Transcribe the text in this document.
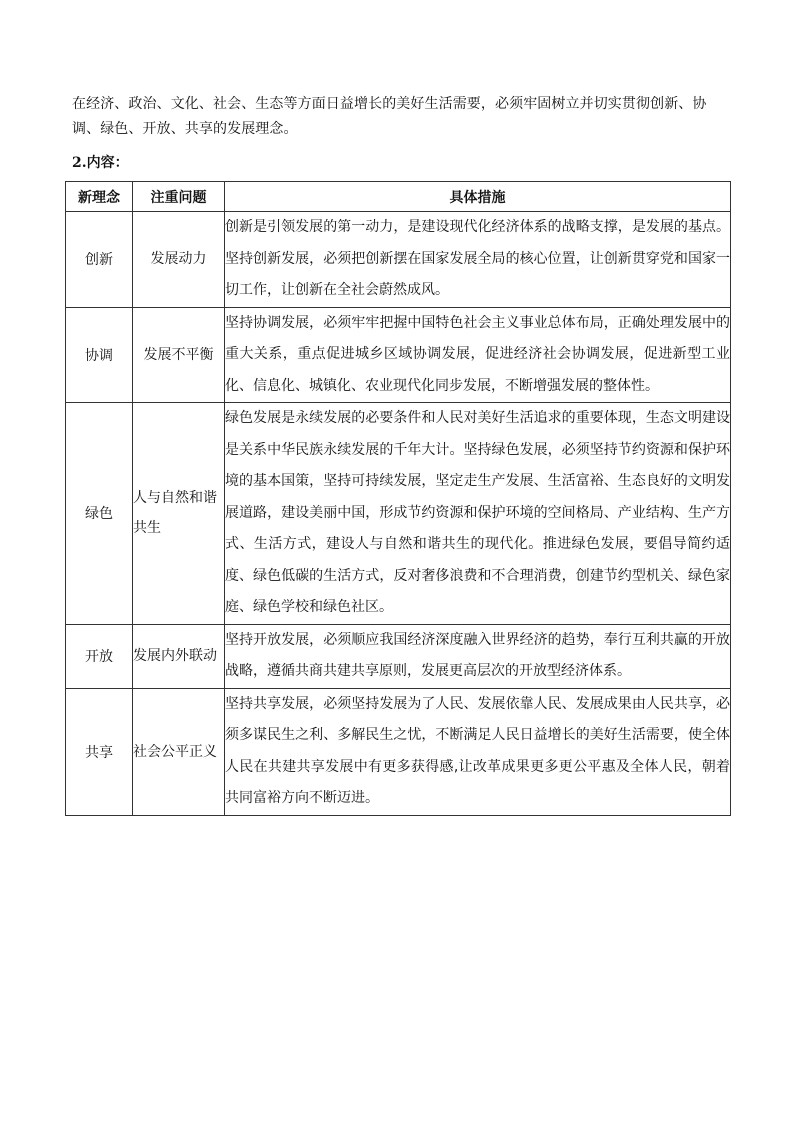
在经济、政治、文化、社会、生态等方面日益增长的美好生活需要，必须牢固树立并切实贯彻创新、协调、绿色、开放、共享的发展理念。
2.内容：
新理念	注重问题	具体措施
创新	发展动力	创新是引领发展的第一动力，是建设现代化经济体系的战略支撑，是发展的基点。坚持创新发展，必须把创新摆在国家发展全局的核心位置，让创新贯穿党和国家一切工作，让创新在全社会蔚然成风。
协调	发展不平衡	坚持协调发展，必须牢牢把握中国特色社会主义事业总体布局，正确处理发展中的重大关系，重点促进城乡区域协调发展，促进经济社会协调发展，促进新型工业化、信息化、城镇化、农业现代化同步发展，不断增强发展的整体性。
绿色	人与自然和谐共生	绿色发展是永续发展的必要条件和人民对美好生活追求的重要体现，生态文明建设是关系中华民族永续发展的千年大计。坚持绿色发展，必须坚持节约资源和保护环境的基本国策，坚持可持续发展，坚定走生产发展、生活富裕、生态良好的文明发展道路，建设美丽中国，形成节约资源和保护环境的空间格局、产业结构、生产方式、生活方式，建设人与自然和谐共生的现代化。推进绿色发展，要倡导简约适度、绿色低碳的生活方式，反对奢侈浪费和不合理消费，创建节约型机关、绿色家庭、绿色学校和绿色社区。
开放	发展内外联动	坚持开放发展，必须顺应我国经济深度融入世界经济的趋势，奉行互利共赢的开放战略，遵循共商共建共享原则，发展更高层次的开放型经济体系。
共享	社会公平正义	坚持共享发展，必须坚持发展为了人民、发展依靠人民、发展成果由人民共享，必须多谋民生之利、多解民生之忧，不断满足人民日益增长的美好生活需要，使全体人民在共建共享发展中有更多获得感,让改革成果更多更公平惠及全体人民，朝着共同富裕方向不断迈进。
